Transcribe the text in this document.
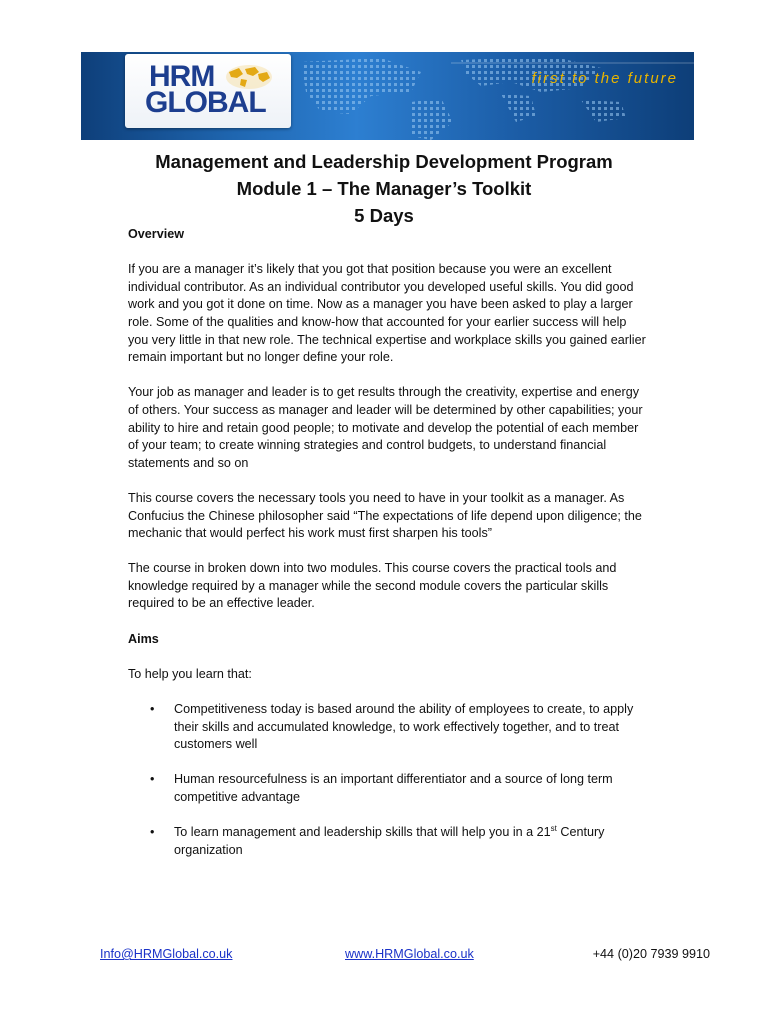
HRM
GLOBAL
first to the future
Management and Leadership Development Program
Module 1 – The Manager’s Toolkit
5 Days

Overview

If you are a manager it’s likely that you got that position because you were an excellent individual contributor. As an individual contributor you developed useful skills. You did good work and you got it done on time. Now as a manager you have been asked to play a larger role. Some of the qualities and know-how that accounted for your earlier success will help you very little in that new role. The technical expertise and workplace skills you gained earlier remain important but no longer define your role.

Your job as manager and leader is to get results through the creativity, expertise and energy of others. Your success as manager and leader will be determined by other capabilities; your ability to hire and retain good people; to motivate and develop the potential of each member of your team; to create winning strategies and control budgets, to understand financial statements and so on

This course covers the necessary tools you need to have in your toolkit as a manager. As Confucius the Chinese philosopher said “The expectations of life depend upon diligence; the mechanic that would perfect his work must first sharpen his tools”

The course in broken down into two modules. This course covers the practical tools and knowledge required by a manager while the second module covers the particular skills required to be an effective leader.

Aims

To help you learn that:

• Competitiveness today is based around the ability of employees to create, to apply their skills and accumulated knowledge, to work effectively together, and to treat customers well
• Human resourcefulness is an important differentiator and a source of long term competitive advantage
• To learn management and leadership skills that will help you in a 21st Century organization
Info@HRMGlobal.co.uk	www.HRMGlobal.co.uk	+44 (0)20 7939 9910
